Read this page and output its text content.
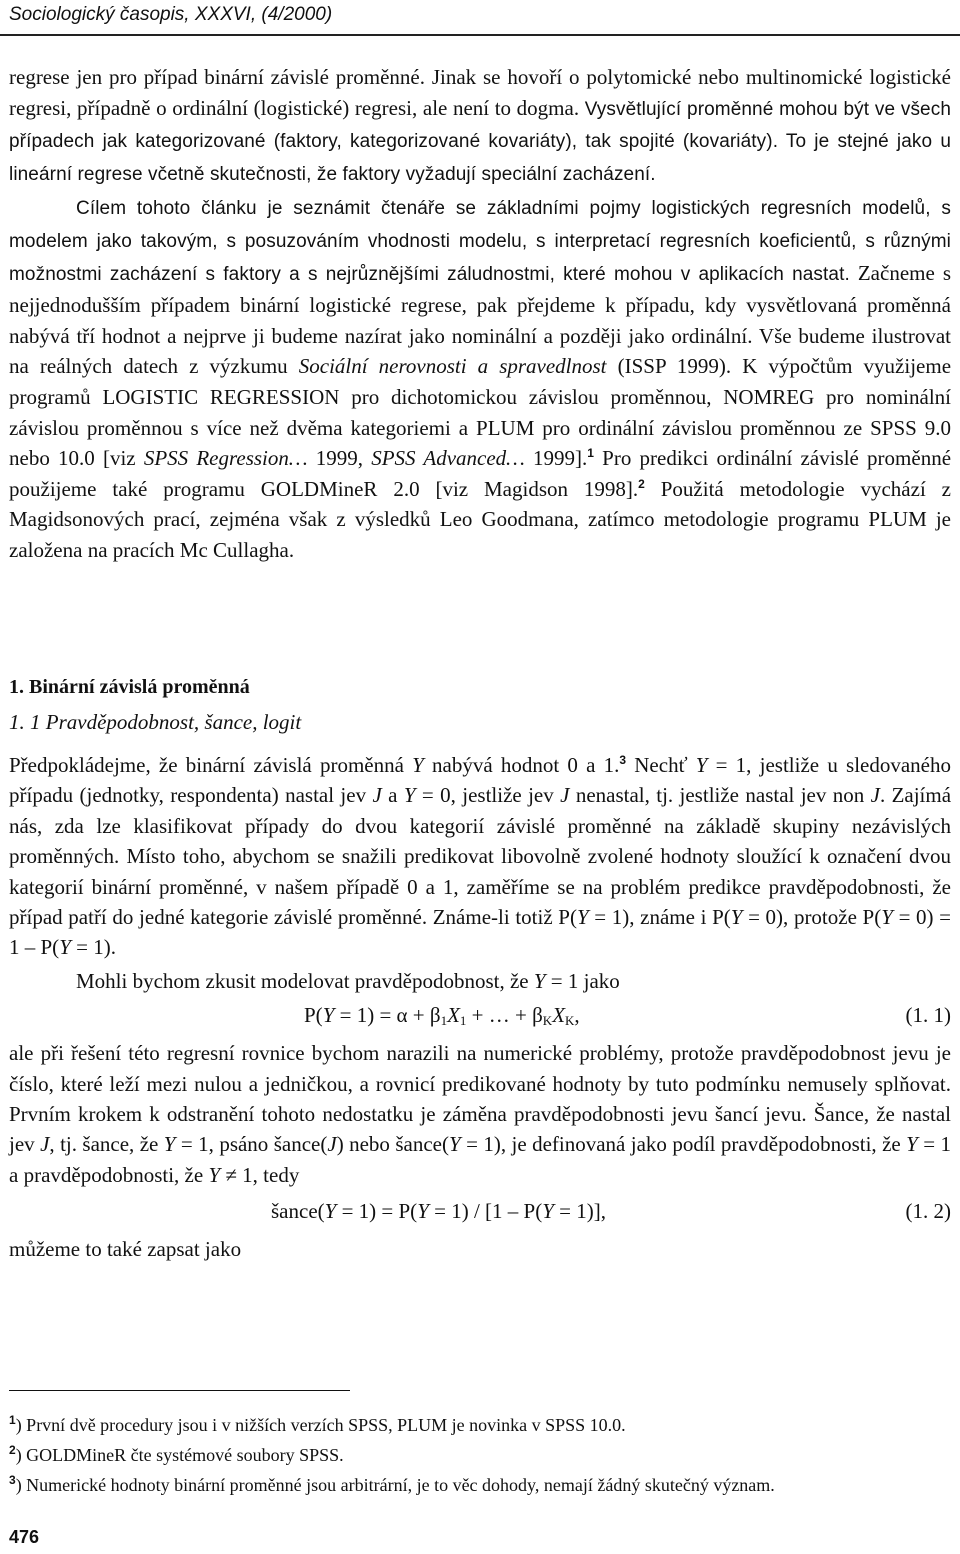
Sociologický časopis, XXXVI, (4/2000)

regrese jen pro případ binární závislé proměnné. Jinak se hovoří o polytomické nebo multinomické logistické regresi, případně o ordinální (logistické) regresi, ale není to dogma. Vysvětlující proměnné mohou být ve všech případech jak kategorizované (faktory, kategorizované kovariáty), tak spojité (kovariáty). To je stejné jako u lineární regrese včetně skutečnosti, že faktory vyžadují speciální zacházení.

Cílem tohoto článku je seznámit čtenáře se základními pojmy logistických regresních modelů, s modelem jako takovým, s posuzováním vhodnosti modelu, s interpretací regresních koeficientů, s různými možnostmi zacházení s faktory a s nejrůznějšími záludnostmi, které mohou v aplikacích nastat. Začneme s nejjednodušším případem binární logistické regrese, pak přejdeme k případu, kdy vysvětlovaná proměnná nabývá tří hodnot a nejprve ji budeme nazírat jako nominální a později jako ordinální. Vše budeme ilustrovat na reálných datech z výzkumu Sociální nerovnosti a spravedlnost (ISSP 1999). K výpočtům využijeme programů LOGISTIC REGRESSION pro dichotomickou závislou proměnnou, NOMREG pro nominální závislou proměnnou s více než dvěma kategoriemi a PLUM pro ordinální závislou proměnnou ze SPSS 9.0 nebo 10.0 [viz SPSS Regression… 1999, SPSS Advanced… 1999].$^1$ Pro predikci ordinální závislé proměnné použijeme také programu GOLDMineR 2.0 [viz Magidson 1998].$^2$ Použitá metodologie vychází z Magidsonových prací, zejména však z výsledků Leo Goodmana, zatímco metodologie programu PLUM je založena na pracích Mc Cullagha.

1. Binární závislá proměnná
1. 1 Pravděpodobnost, šance, logit

Předpokládejme, že binární závislá proměnná Y nabývá hodnot 0 a 1.$^3$ Nechť Y = 1, jestliže u sledovaného případu (jednotky, respondenta) nastal jev J a Y = 0, jestliže jev J nenastal, tj. jestliže nastal jev non J. Zajímá nás, zda lze klasifikovat případy do dvou kategorií závislé proměnné na základě skupiny nezávislých proměnných. Místo toho, abychom se snažili predikovat libovolně zvolené hodnoty sloužící k označení dvou kategorií binární proměnné, v našem případě 0 a 1, zaměříme se na problém predikce pravděpodobnosti, že případ patří do jedné kategorie závislé proměnné. Známe-li totiž P(Y = 1), známe i P(Y = 0), protože P(Y = 0) = 1 – P(Y = 1).

Mohli bychom zkusit modelovat pravděpodobnost, že Y = 1 jako

$P(Y = 1) = \alpha + \beta_1X_1$ + … + $\beta_KX_K$,	(1. 1)

ale při řešení této regresní rovnice bychom narazili na numerické problémy, protože pravděpodobnost jevu je číslo, které leží mezi nulou a jedničkou, a rovnicí predikované hodnoty by tuto podmínku nemusely splňovat. Prvním krokem k odstranění tohoto nedostatku je záměna pravděpodobnosti jevu šancí jevu. Šance, že nastal jev J, tj. šance, že Y = 1, psáno šance(J) nebo šance(Y = 1), je definovaná jako podíl pravděpodobnosti, že Y = 1 a pravděpodobnosti, že Y ≠ 1, tedy

šance(Y = 1) = P(Y = 1) / [1 – P(Y = 1)],	(1. 2)

můžeme to také zapsat jako

$^1$) První dvě procedury jsou i v nižších verzích SPSS, PLUM je novinka v SPSS 10.0.

$^2$) GOLDMineR čte systémové soubory SPSS.

$^3$) Numerické hodnoty binární proměnné jsou arbitrární, je to věc dohody, nemají žádný skutečný význam.

476
